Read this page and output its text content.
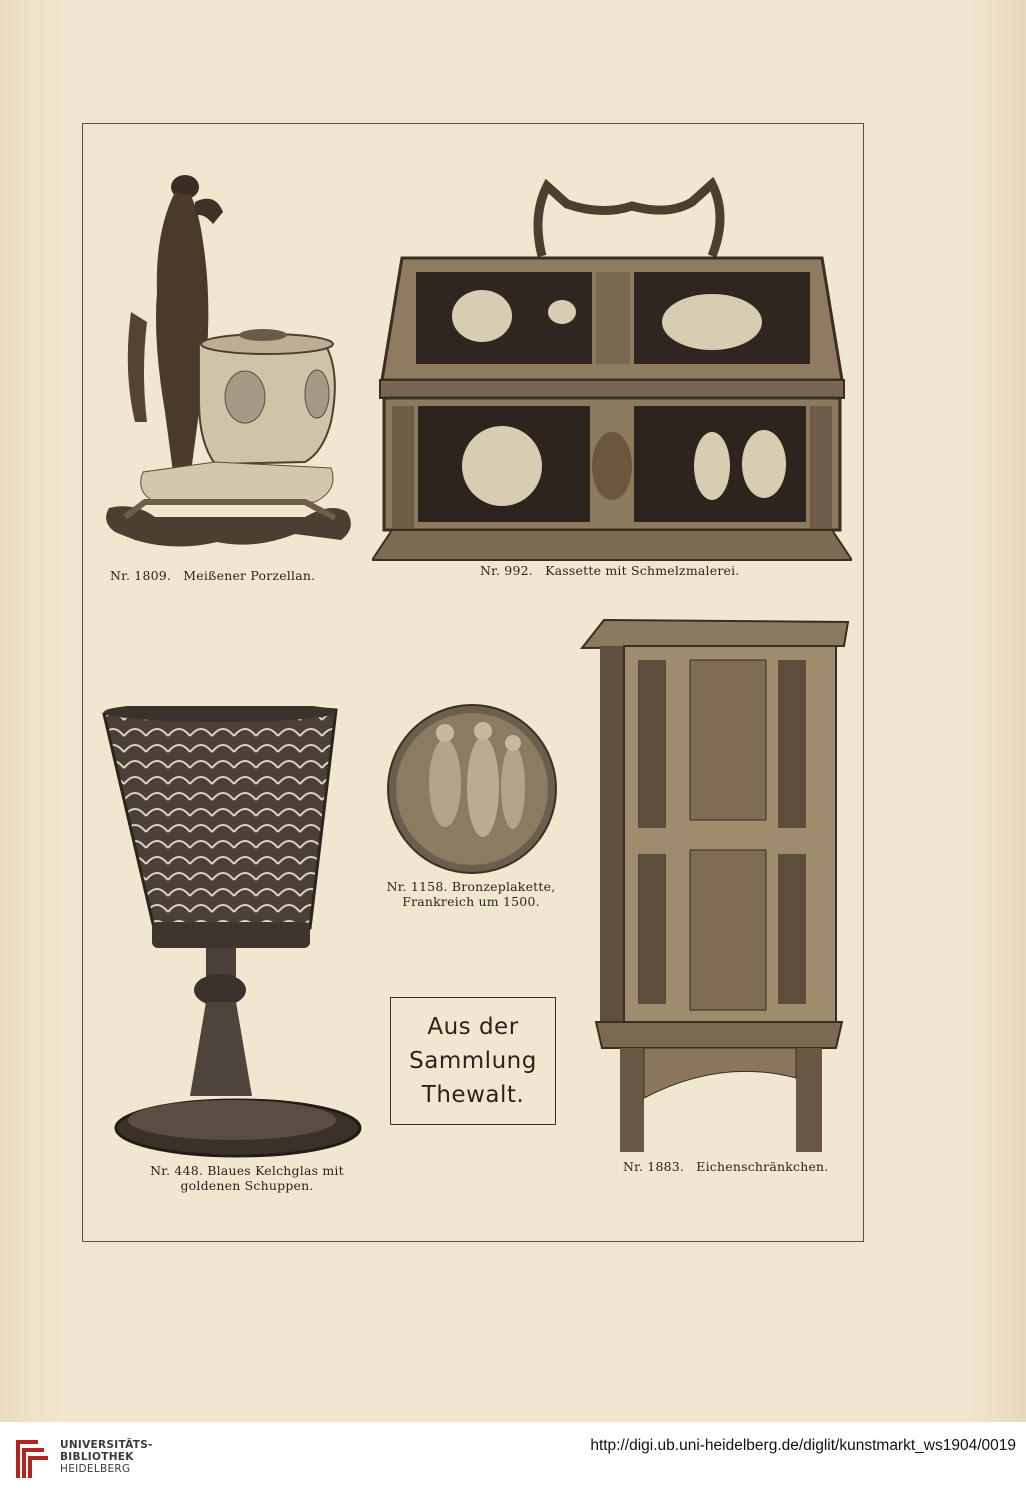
Nr. 1809. Meißener Porzellan.	Nr. 992. Kassette mit Schmelzmalerei.
Nr. 1158. Bronzeplakette,
Frankreich um 1500.
Nr. 448. Blaues Kelchglas mit
goldenen Schuppen.
Nr. 1883. Eichenschränkchen.
Aus der
Sammlung
Thewalt.
UNIVERSITÄTS-
BIBLIOTHEK
HEIDELBERG
http://digi.ub.uni-heidelberg.de/diglit/kunstmarkt_ws1904/0019
